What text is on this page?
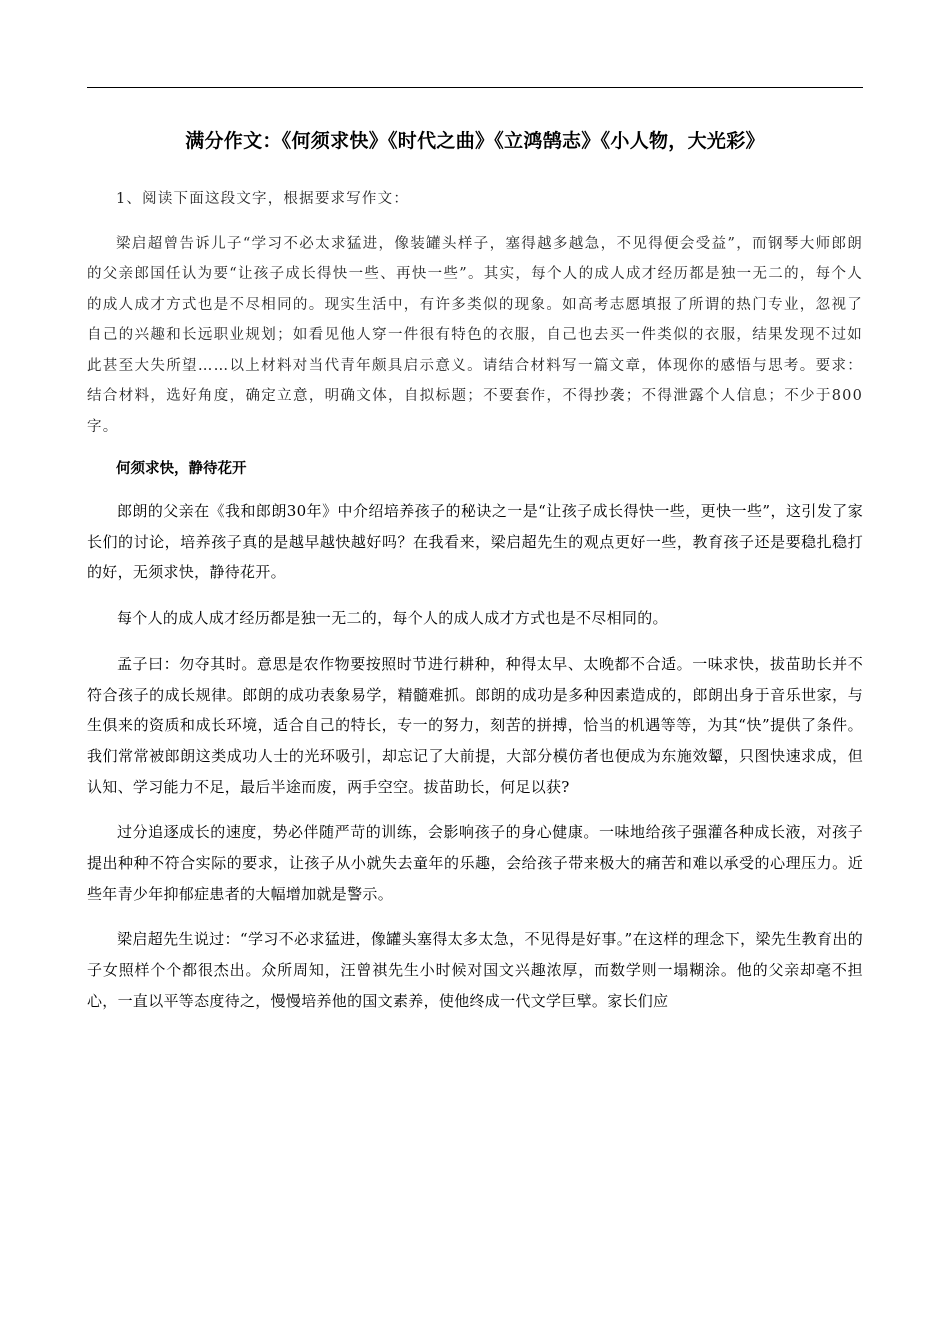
满分作文：《何须求快》《时代之曲》《立鸿鹄志》《小人物，大光彩》

1、阅读下面这段文字，根据要求写作文：

梁启超曾告诉儿子“学习不必太求猛进，像装罐头样子，塞得越多越急，不见得便会受益”，而钢琴大师郎朗的父亲郎国任认为要“让孩子成长得快一些、再快一些”。其实，每个人的成人成才经历都是独一无二的，每个人的成人成才方式也是不尽相同的。现实生活中，有许多类似的现象。如高考志愿填报了所谓的热门专业，忽视了自己的兴趣和长远职业规划；如看见他人穿一件很有特色的衣服，自己也去买一件类似的衣服，结果发现不过如此甚至大失所望……以上材料对当代青年颇具启示意义。请结合材料写一篇文章，体现你的感悟与思考。要求：结合材料，选好角度，确定立意，明确文体，自拟标题；不要套作，不得抄袭；不得泄露个人信息；不少于800字。

何须求快，静待花开

郎朗的父亲在《我和郎朗30年》中介绍培养孩子的秘诀之一是“让孩子成长得快一些，更快一些”，这引发了家长们的讨论，培养孩子真的是越早越快越好吗？在我看来，梁启超先生的观点更好一些，教育孩子还是要稳扎稳打的好，无须求快，静待花开。

每个人的成人成才经历都是独一无二的，每个人的成人成才方式也是不尽相同的。

孟子曰：勿夺其时。意思是农作物要按照时节进行耕种，种得太早、太晚都不合适。一味求快，拔苗助长并不符合孩子的成长规律。郎朗的成功表象易学，精髓难抓。郎朗的成功是多种因素造成的，郎朗出身于音乐世家，与生俱来的资质和成长环境，适合自己的特长，专一的努力，刻苦的拼搏，恰当的机遇等等，为其“快”提供了条件。我们常常被郎朗这类成功人士的光环吸引，却忘记了大前提，大部分模仿者也便成为东施效颦，只图快速求成，但认知、学习能力不足，最后半途而废，两手空空。拔苗助长，何足以获?

过分追逐成长的速度，势必伴随严苛的训练，会影响孩子的身心健康。一味地给孩子强灌各种成长液，对孩子提出种种不符合实际的要求，让孩子从小就失去童年的乐趣，会给孩子带来极大的痛苦和难以承受的心理压力。近些年青少年抑郁症患者的大幅增加就是警示。

梁启超先生说过：“学习不必求猛进，像罐头塞得太多太急，不见得是好事。”在这样的理念下，梁先生教育出的子女照样个个都很杰出。众所周知，汪曾祺先生小时候对国文兴趣浓厚，而数学则一塌糊涂。他的父亲却毫不担心，一直以平等态度待之，慢慢培养他的国文素养，使他终成一代文学巨擘。家长们应
